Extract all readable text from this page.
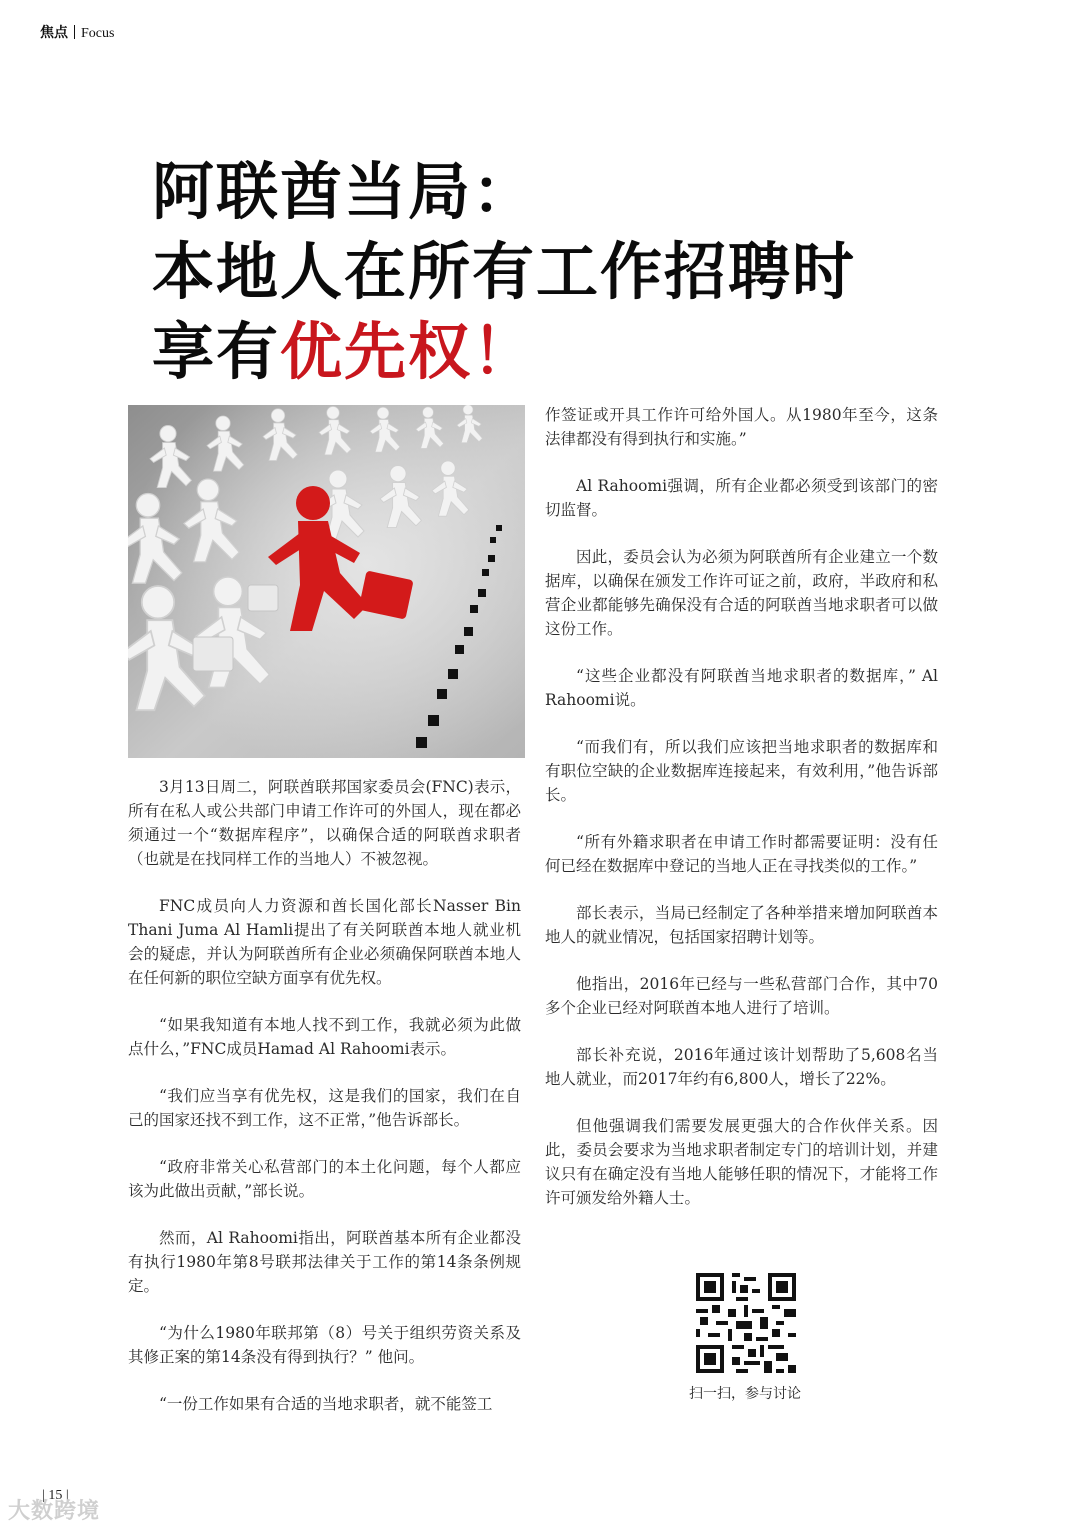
焦点 Focus
阿联酋当局：
本地人在所有工作招聘时
享有优先权！

3月13日周二，阿联酋联邦国家委员会(FNC)表示，所有在私人或公共部门申请工作许可的外国人，现在都必须通过一个“数据库程序”，以确保合适的阿联酋求职者（也就是在找同样工作的当地人）不被忽视。

FNC成员向人力资源和酋长国化部长Nasser Bin Thani Juma Al Hamli提出了有关阿联酋本地人就业机会的疑虑，并认为阿联酋所有企业必须确保阿联酋本地人在任何新的职位空缺方面享有优先权。

“如果我知道有本地人找不到工作，我就必须为此做点什么，”FNC成员Hamad Al Rahoomi表示。

“我们应当享有优先权，这是我们的国家，我们在自己的国家还找不到工作，这不正常，”他告诉部长。

“政府非常关心私营部门的本土化问题，每个人都应该为此做出贡献，”部长说。

然而，Al Rahoomi指出，阿联酋基本所有企业都没有执行1980年第8号联邦法律关于工作的第14条条例规定。

“为什么1980年联邦第（8）号关于组织劳资关系及其修正案的第14条没有得到执行？” 他问。

“一份工作如果有合适的当地求职者，就不能签工

作签证或开具工作许可给外国人。从1980年至今，这条法律都没有得到执行和实施。”

Al Rahoomi强调，所有企业都必须受到该部门的密切监督。

因此，委员会认为必须为阿联酋所有企业建立一个数据库，以确保在颁发工作许可证之前，政府，半政府和私营企业都能够先确保没有合适的阿联酋当地求职者可以做这份工作。

“这些企业都没有阿联酋当地求职者的数据库，” Al Rahoomi说。

“而我们有，所以我们应该把当地求职者的数据库和有职位空缺的企业数据库连接起来，有效利用，”他告诉部长。

“所有外籍求职者在申请工作时都需要证明：没有任何已经在数据库中登记的当地人正在寻找类似的工作。”

部长表示，当局已经制定了各种举措来增加阿联酋本地人的就业情况，包括国家招聘计划等。

他指出，2016年已经与一些私营部门合作，其中70多个企业已经对阿联酋本地人进行了培训。

部长补充说，2016年通过该计划帮助了5,608名当地人就业，而2017年约有6,800人，增长了22%。

但他强调我们需要发展更强大的合作伙伴关系。因此，委员会要求为当地求职者制定专门的培训计划，并建议只有在确定没有当地人能够任职的情况下，才能将工作许可颁发给外籍人士。

扫一扫，参与讨论
| 15 |
大数跨境
